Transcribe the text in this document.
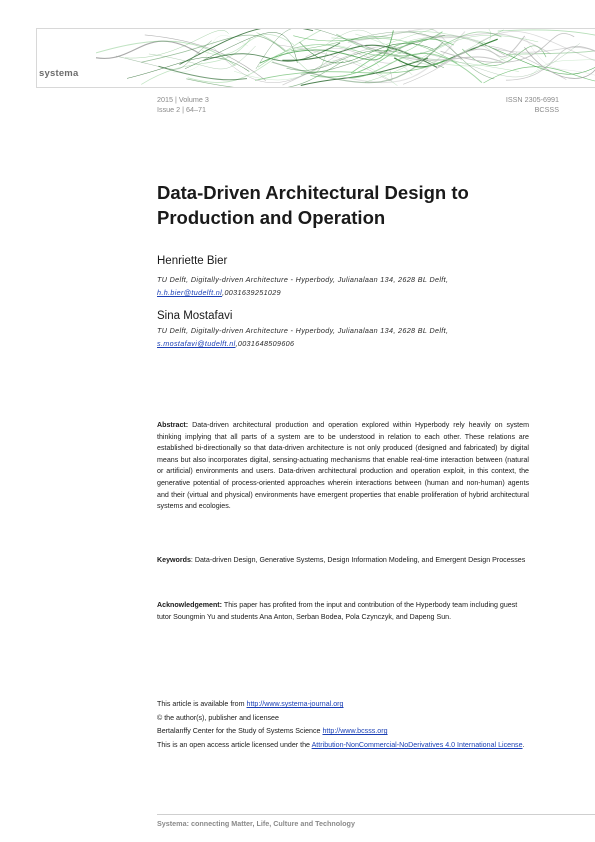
systema
2015 | Volume 3
Issue 2 | 64–71
ISSN 2305-6991
BCSSS
Data-Driven Architectural Design to Production and Operation
Henriette Bier
TU Delft, Digitally-driven Architecture - Hyperbody, Julianalaan 134, 2628 BL Delft,
h.h.bier@tudelft.nl,0031639251029
Sina Mostafavi
TU Delft, Digitally-driven Architecture - Hyperbody, Julianalaan 134, 2628 BL Delft,
s.mostafavi@tudelft.nl,0031648509606
Abstract: Data-driven architectural production and operation explored within Hyperbody rely heavily on system thinking implying that all parts of a system are to be understood in relation to each other. These relations are established bi-directionally so that data-driven architecture is not only produced (designed and fabricated) by digital means but also incorporates digital, sensing-actuating mechanisms that enable real-time interaction between (natural or artificial) environments and users. Data-driven architectural production and operation exploit, in this context, the generative potential of process-oriented approaches wherein interactions between (human and non-human) agents and their (virtual and physical) environments have emergent properties that enable proliferation of hybrid architectural systems and ecologies.
Keywords: Data-driven Design, Generative Systems, Design Information Modeling, and Emergent Design Processes
Acknowledgement: This paper has profited from the input and contribution of the Hyperbody team including guest tutor Soungmin Yu and students Ana Anton, Serban Bodea, Pola Czynczyk, and Dapeng Sun.

This article is available from http://www.systema-journal.org

© the author(s), publisher and licensee

Bertalanffy Center for the Study of Systems Science http://www.bcsss.org

This is an open access article licensed under the Attribution-NonCommercial-NoDerivatives 4.0 International License.

Systema: connecting Matter, Life, Culture and Technology
